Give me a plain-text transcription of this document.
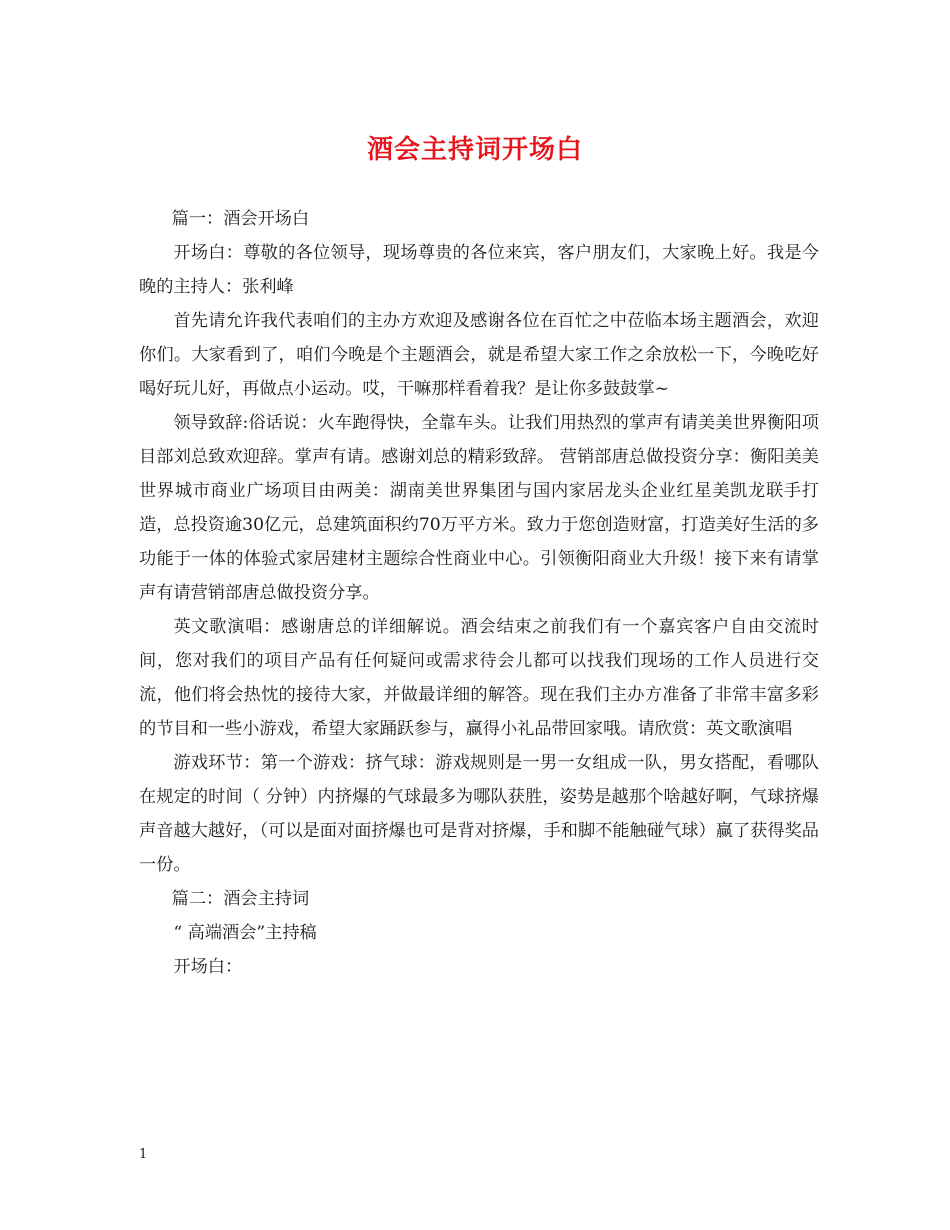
酒会主持词开场白

篇一：酒会开场白

开场白：尊敬的各位领导，现场尊贵的各位来宾，客户朋友们，大家晚上好。我是今晚的主持人：张利峰

首先请允许我代表咱们的主办方欢迎及感谢各位在百忙之中莅临本场主题酒会，欢迎你们。大家看到了，咱们今晚是个主题酒会，就是希望大家工作之余放松一下，今晚吃好喝好玩儿好，再做点小运动。哎，干嘛那样看着我？是让你多鼓鼓掌~

领导致辞:俗话说：火车跑得快，全靠车头。让我们用热烈的掌声有请美美世界衡阳项目部刘总致欢迎辞。掌声有请。感谢刘总的精彩致辞。 营销部唐总做投资分享：衡阳美美世界城市商业广场项目由两美：湖南美世界集团与国内家居龙头企业红星美凯龙联手打造，总投资逾30亿元，总建筑面积约70万平方米。致力于您创造财富，打造美好生活的多功能于一体的体验式家居建材主题综合性商业中心。引领衡阳商业大升级！接下来有请掌声有请营销部唐总做投资分享。

英文歌演唱：感谢唐总的详细解说。酒会结束之前我们有一个嘉宾客户自由交流时间，您对我们的项目产品有任何疑问或需求待会儿都可以找我们现场的工作人员进行交流，他们将会热忱的接待大家，并做最详细的解答。现在我们主办方准备了非常丰富多彩的节目和一些小游戏，希望大家踊跃参与，赢得小礼品带回家哦。请欣赏：英文歌演唱

游戏环节：第一个游戏：挤气球：游戏规则是一男一女组成一队，男女搭配，看哪队在规定的时间（ 分钟）内挤爆的气球最多为哪队获胜，姿势是越那个啥越好啊，气球挤爆声音越大越好，（可以是面对面挤爆也可是背对挤爆，手和脚不能触碰气球）赢了获得奖品一份。

篇二：酒会主持词

“ 高端酒会”主持稿

开场白：

1
